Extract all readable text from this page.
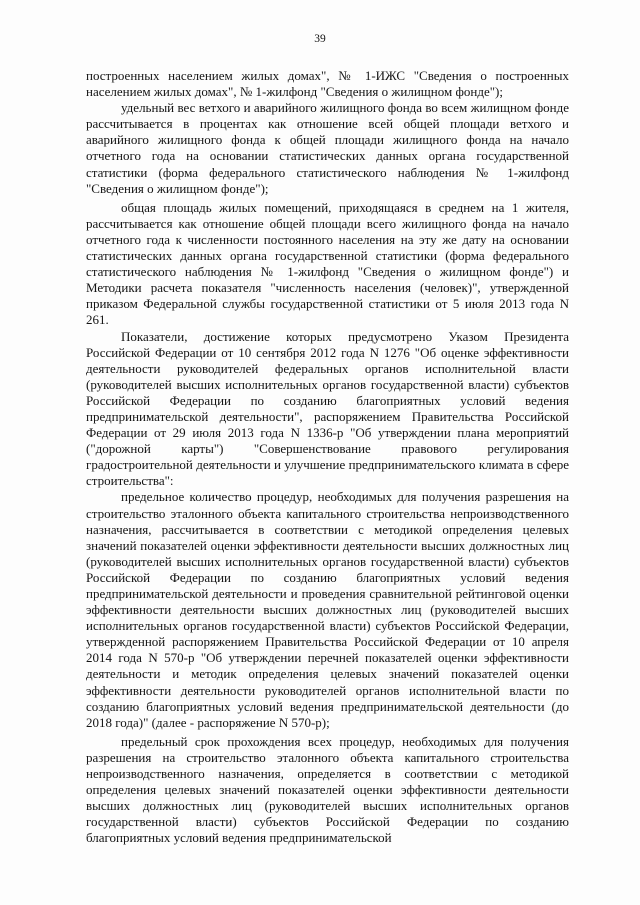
39

построенных населением жилых домах", № 1-ИЖС "Сведения о построенных населением жилых домах", № 1-жилфонд "Сведения о жилищном фонде");

удельный вес ветхого и аварийного жилищного фонда во всем жилищном фонде рассчитывается в процентах как отношение всей общей площади ветхого и аварийного жилищного фонда к общей площади жилищного фонда на начало отчетного года на основании статистических данных органа государственной статистики (форма федерального статистического наблюдения № 1-жилфонд "Сведения о жилищном фонде");

общая площадь жилых помещений, приходящаяся в среднем на 1 жителя, рассчитывается как отношение общей площади всего жилищного фонда на начало отчетного года к численности постоянного населения на эту же дату на основании статистических данных органа государственной статистики (форма федерального статистического наблюдения № 1-жилфонд "Сведения о жилищном фонде") и Методики расчета показателя "численность населения (человек)", утвержденной приказом Федеральной службы государственной статистики от 5 июля 2013 года N 261.

Показатели, достижение которых предусмотрено Указом Президента Российской Федерации от 10 сентября 2012 года N 1276 "Об оценке эффективности деятельности руководителей федеральных органов исполнительной власти (руководителей высших исполнительных органов государственной власти) субъектов Российской Федерации по созданию благоприятных условий ведения предпринимательской деятельности", распоряжением Правительства Российской Федерации от 29 июля 2013 года N 1336-р "Об утверждении плана мероприятий ("дорожной карты") "Совершенствование правового регулирования градостроительной деятельности и улучшение предпринимательского климата в сфере строительства":

предельное количество процедур, необходимых для получения разрешения на строительство эталонного объекта капитального строительства непроизводственного назначения, рассчитывается в соответствии с методикой определения целевых значений показателей оценки эффективности деятельности высших должностных лиц (руководителей высших исполнительных органов государственной власти) субъектов Российской Федерации по созданию благоприятных условий ведения предпринимательской деятельности и проведения сравнительной рейтинговой оценки эффективности деятельности высших должностных лиц (руководителей высших исполнительных органов государственной власти) субъектов Российской Федерации, утвержденной распоряжением Правительства Российской Федерации от 10 апреля 2014 года N 570-р "Об утверждении перечней показателей оценки эффективности деятельности и методик определения целевых значений показателей оценки эффективности деятельности руководителей органов исполнительной власти по созданию благоприятных условий ведения предпринимательской деятельности (до 2018 года)" (далее - распоряжение N 570-р);

предельный срок прохождения всех процедур, необходимых для получения разрешения на строительство эталонного объекта капитального строительства непроизводственного назначения, определяется в соответствии с методикой определения целевых значений показателей оценки эффективности деятельности высших должностных лиц (руководителей высших исполнительных органов государственной власти) субъектов Российской Федерации по созданию благоприятных условий ведения предпринимательской
